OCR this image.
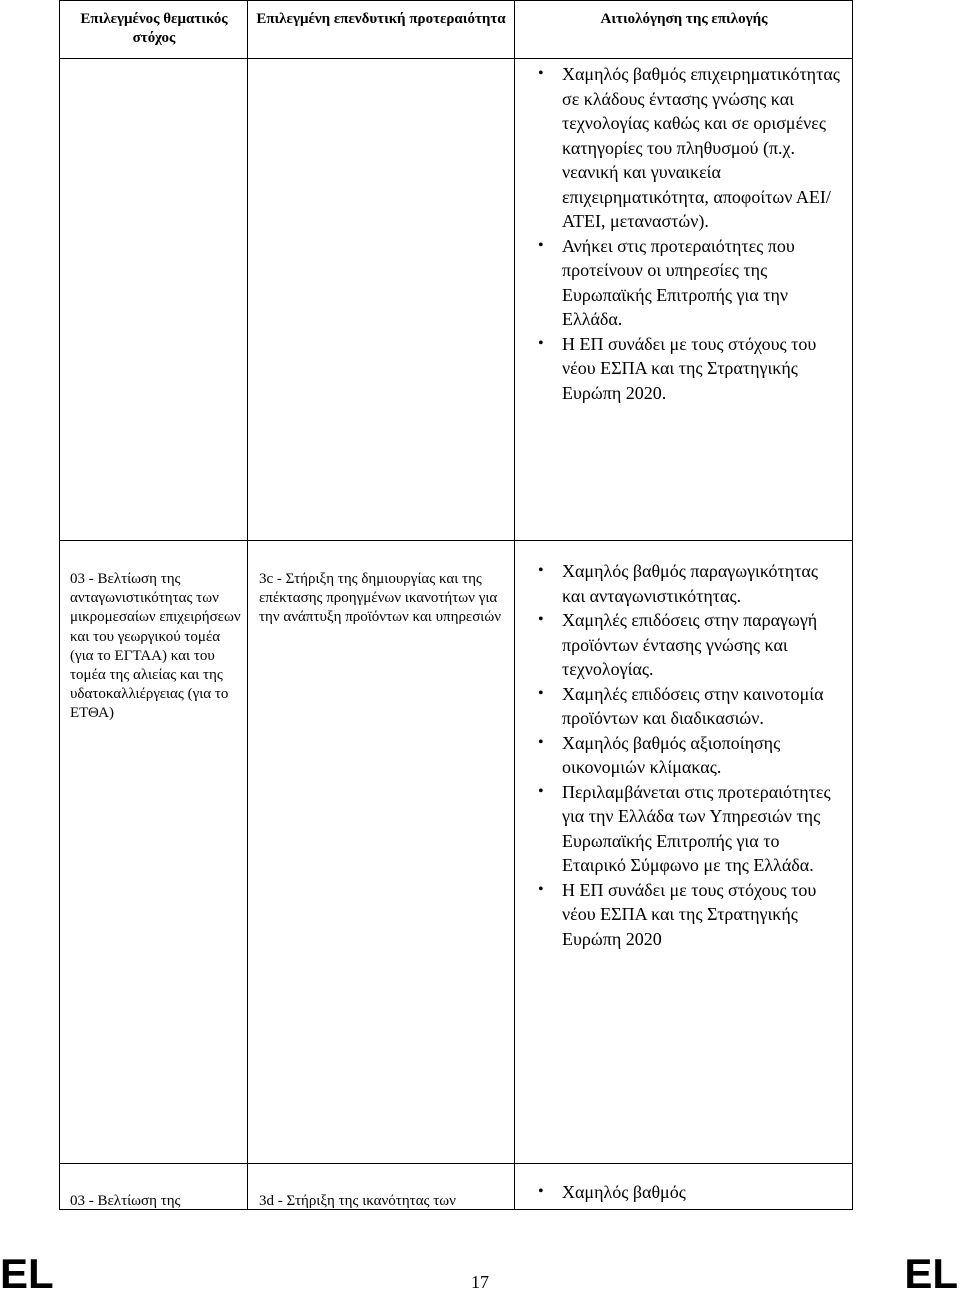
Επιλεγμένος θεματικός στόχος
Επιλεγμένη επενδυτική προτεραιότητα	Αιτιολόγηση της επιλογής
• Χαμηλός βαθμός επιχειρηματικότητας σε κλάδους έντασης γνώσης και τεχνολογίας καθώς και σε ορισμένες κατηγορίες του πληθυσμού (π.χ. νεανική και γυναικεία επιχειρηματικότητα, αποφοίτων ΑΕΙ/ΑΤΕΙ, μεταναστών).
• Ανήκει στις προτεραιότητες που προτείνουν οι υπηρεσίες της Ευρωπαϊκής Επιτροπής για την Ελλάδα.
• Η ΕΠ συνάδει με τους στόχους του νέου ΕΣΠΑ και της Στρατηγικής Ευρώπη 2020.
03 - Βελτίωση της ανταγωνιστικότητας των μικρομεσαίων επιχειρήσεων και του γεωργικού τομέα (για το ΕΓΤΑΑ) και του τομέα της αλιείας και της υδατοκαλλιέργειας (για το ΕΤΘΑ)
3c - Στήριξη της δημιουργίας και της επέκτασης προηγμένων ικανοτήτων για την ανάπτυξη προϊόντων και υπηρεσιών
• Χαμηλός βαθμός παραγωγικότητας και ανταγωνιστικότητας.
• Χαμηλές επιδόσεις στην παραγωγή προϊόντων έντασης γνώσης και τεχνολογίας.
• Χαμηλές επιδόσεις στην καινοτομία προϊόντων και διαδικασιών.
• Χαμηλός βαθμός αξιοποίησης οικονομιών κλίμακας.
• Περιλαμβάνεται στις προτεραιότητες για την Ελλάδα των Υπηρεσιών της Ευρωπαϊκής Επιτροπής για το Εταιρικό Σύμφωνο με της Ελλάδα.
• Η ΕΠ συνάδει με τους στόχους του νέου ΕΣΠΑ και της Στρατηγικής Ευρώπη 2020
03 - Βελτίωση της	3d - Στήριξη της ικανότητας των
•	Χαμηλός βαθμός
EL	17	EL
